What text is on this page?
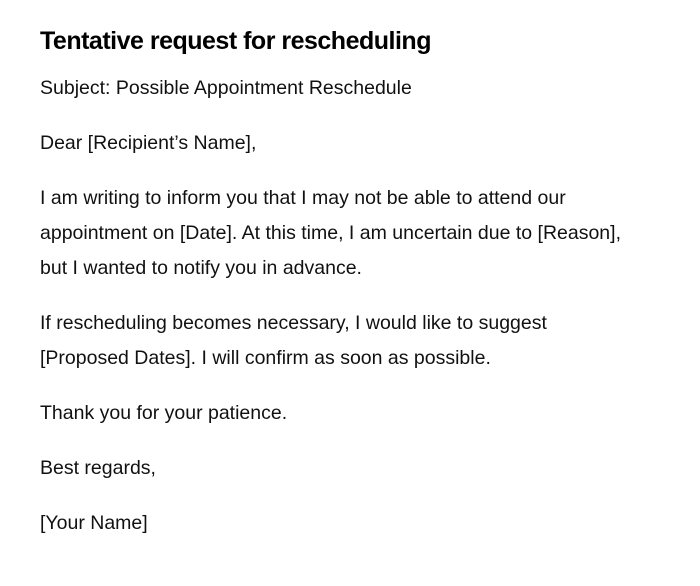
Tentative request for rescheduling

Subject: Possible Appointment Reschedule

Dear [Recipient’s Name],

I am writing to inform you that I may not be able to attend our appointment on [Date]. At this time, I am uncertain due to [Reason], but I wanted to notify you in advance.

If rescheduling becomes necessary, I would like to suggest [Proposed Dates]. I will confirm as soon as possible.

Thank you for your patience.

Best regards,

[Your Name]
